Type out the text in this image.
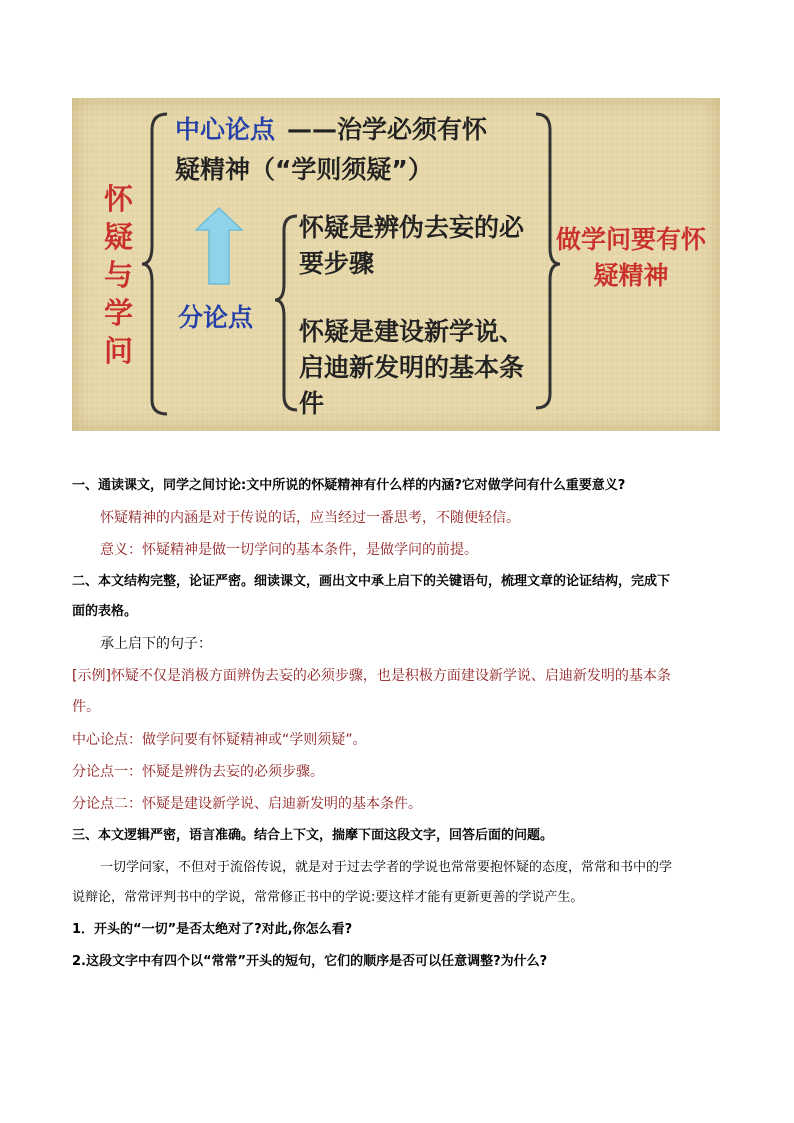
怀疑与学问
中心论点 ——治学必须有怀
疑精神（“学则须疑”）
分论点
怀疑是辨伪去妄的必要步骤
怀疑是建设新学说、启迪新发明的基本条件
做学问要有怀疑精神
一、通读课文，同学之间讨论:文中所说的怀疑精神有什么样的内涵?它对做学问有什么重要意义?
怀疑精神的内涵是对于传说的话，应当经过一番思考，不随便轻信。
意义：怀疑精神是做一切学问的基本条件，是做学问的前提。
二、本文结构完整，论证严密。细读课文，画出文中承上启下的关键语句，梳理文章的论证结构，完成下
面的表格。
承上启下的句子：
[示例]怀疑不仅是消极方面辨伪去妄的必须步骤，也是积极方面建设新学说、启迪新发明的基本条
件。
中心论点：做学问要有怀疑精神或“学则须疑”。
分论点一：怀疑是辨伪去妄的必须步骤。
分论点二：怀疑是建设新学说、启迪新发明的基本条件。
三、本文逻辑严密，语言准确。结合上下文，揣摩下面这段文字，回答后面的问题。
一切学问家，不但对于流俗传说，就是对于过去学者的学说也常常要抱怀疑的态度，常常和书中的学
说辩论，常常评判书中的学说，常常修正书中的学说:要这样才能有更新更善的学说产生。
1．开头的“一切”是否太绝对了?对此,你怎么看?
2.这段文字中有四个以“常常”开头的短句，它们的顺序是否可以任意调整?为什么?
